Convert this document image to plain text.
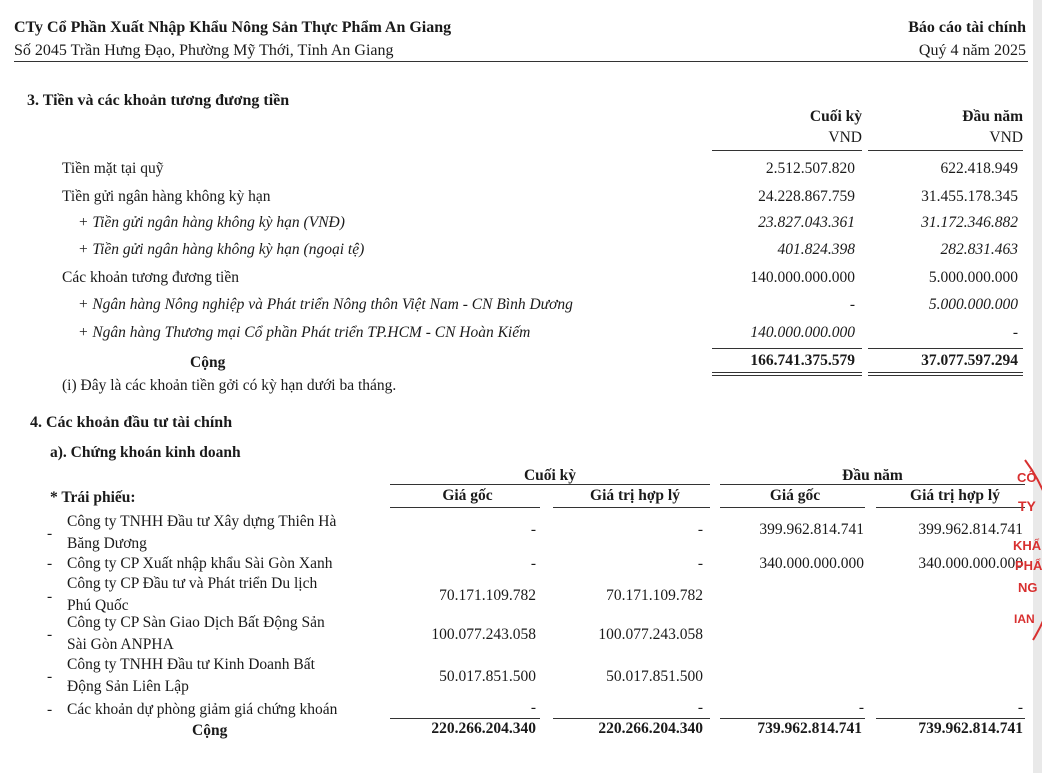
CTy Cổ Phần Xuất Nhập Khẩu Nông Sản Thực Phẩm An Giang
Số 2045 Trần Hưng Đạo, Phường Mỹ Thới, Tỉnh An Giang
Báo cáo tài chính
Quý 4 năm 2025
3. Tiền và các khoản tương đương tiền
Cuối kỳ	Đầu năm
VND	VND
Tiền mặt tại quỹ	2.512.507.820	622.418.949
Tiền gửi ngân hàng không kỳ hạn	24.228.867.759	31.455.178.345
+ Tiền gửi ngân hàng không kỳ hạn (VNĐ)	23.827.043.361	31.172.346.882
+ Tiền gửi ngân hàng không kỳ hạn (ngoại tệ)	401.824.398	282.831.463
Các khoản tương đương tiền	140.000.000.000	5.000.000.000
+ Ngân hàng Nông nghiệp và Phát triển Nông thôn Việt Nam - CN Bình Dương	-	5.000.000.000
+ Ngân hàng Thương mại Cổ phần Phát triển TP.HCM - CN Hoàn Kiếm	140.000.000.000	-
Cộng	166.741.375.579	37.077.597.294
(i) Đây là các khoản tiền gởi có kỳ hạn dưới ba tháng.
4. Các khoản đầu tư tài chính
a). Chứng khoán kinh doanh
Cuối kỳ	Đầu năm
* Trái phiếu:	Giá gốc	Giá trị hợp lý	Giá gốc	Giá trị hợp lý
-
Công ty TNHH Đầu tư Xây dựng Thiên Hà
Băng Dương
-	-	399.962.814.741	399.962.814.741
- Công ty CP Xuất nhập khẩu Sài Gòn Xanh	-	-	340.000.000.000	340.000.000.000
-
Công ty CP Đầu tư và Phát triển Du lịch
Phú Quốc
70.171.109.782	70.171.109.782
-
Công ty CP Sàn Giao Dịch Bất Động Sản
Sài Gòn ANPHA
100.077.243.058	100.077.243.058
-
Công ty TNHH Đầu tư Kinh Doanh Bất
Động Sản Liên Lập
50.017.851.500	50.017.851.500
- Các khoản dự phòng giảm giá chứng khoán	-	-	-	-
Cộng	220.266.204.340	220.266.204.340	739.962.814.741	739.962.814.741
CÔ
TY
KHẨ
PHẨ
NG
IAN
